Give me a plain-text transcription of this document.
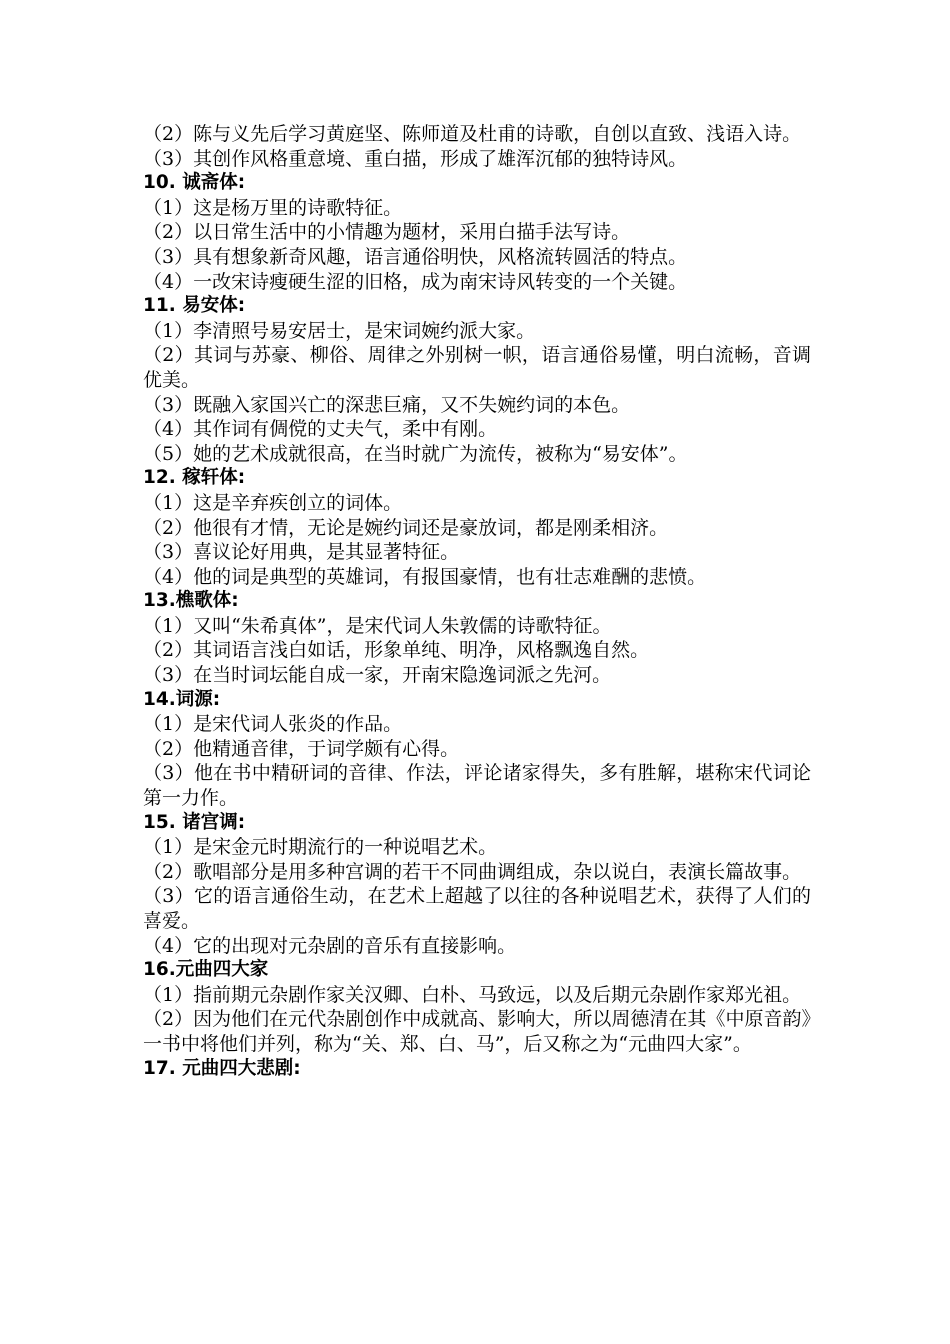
（2）陈与义先后学习黄庭坚、陈师道及杜甫的诗歌，自创以直致、浅语入诗。

（3）其创作风格重意境、重白描，形成了雄浑沉郁的独特诗风。

10. 诚斋体:

（1）这是杨万里的诗歌特征。

（2）以日常生活中的小情趣为题材，采用白描手法写诗。

（3）具有想象新奇风趣，语言通俗明快，风格流转圆活的特点。

（4）一改宋诗瘦硬生涩的旧格，成为南宋诗风转变的一个关键。

11. 易安体:

（1）李清照号易安居士，是宋词婉约派大家。

（2）其词与苏豪、柳俗、周律之外别树一帜，语言通俗易懂，明白流畅，音调优美。

（3）既融入家国兴亡的深悲巨痛，又不失婉约词的本色。

（4）其作词有倜傥的丈夫气，柔中有刚。

（5）她的艺术成就很高，在当时就广为流传，被称为“易安体”。

12. 稼轩体:

（1）这是辛弃疾创立的词体。

（2）他很有才情，无论是婉约词还是豪放词，都是刚柔相济。

（3）喜议论好用典，是其显著特征。

（4）他的词是典型的英雄词，有报国豪情，也有壮志难酬的悲愤。

13.樵歌体:

（1）又叫“朱希真体”，是宋代词人朱敦儒的诗歌特征。

（2）其词语言浅白如话，形象单纯、明净，风格飘逸自然。

（3）在当时词坛能自成一家，开南宋隐逸词派之先河。

14.词源:

（1）是宋代词人张炎的作品。

（2）他精通音律，于词学颇有心得。

（3）他在书中精研词的音律、作法，评论诸家得失，多有胜解，堪称宋代词论第一力作。

15. 诸宫调:

（1）是宋金元时期流行的一种说唱艺术。

（2）歌唱部分是用多种宫调的若干不同曲调组成，杂以说白，表演长篇故事。

（3）它的语言通俗生动，在艺术上超越了以往的各种说唱艺术，获得了人们的喜爱。

（4）它的出现对元杂剧的音乐有直接影响。

16.元曲四大家

（1）指前期元杂剧作家关汉卿、白朴、马致远，以及后期元杂剧作家郑光祖。

（2）因为他们在元代杂剧创作中成就高、影响大，所以周德清在其《中原音韵》一书中将他们并列，称为“关、郑、白、马”，后又称之为“元曲四大家”。

17. 元曲四大悲剧:
